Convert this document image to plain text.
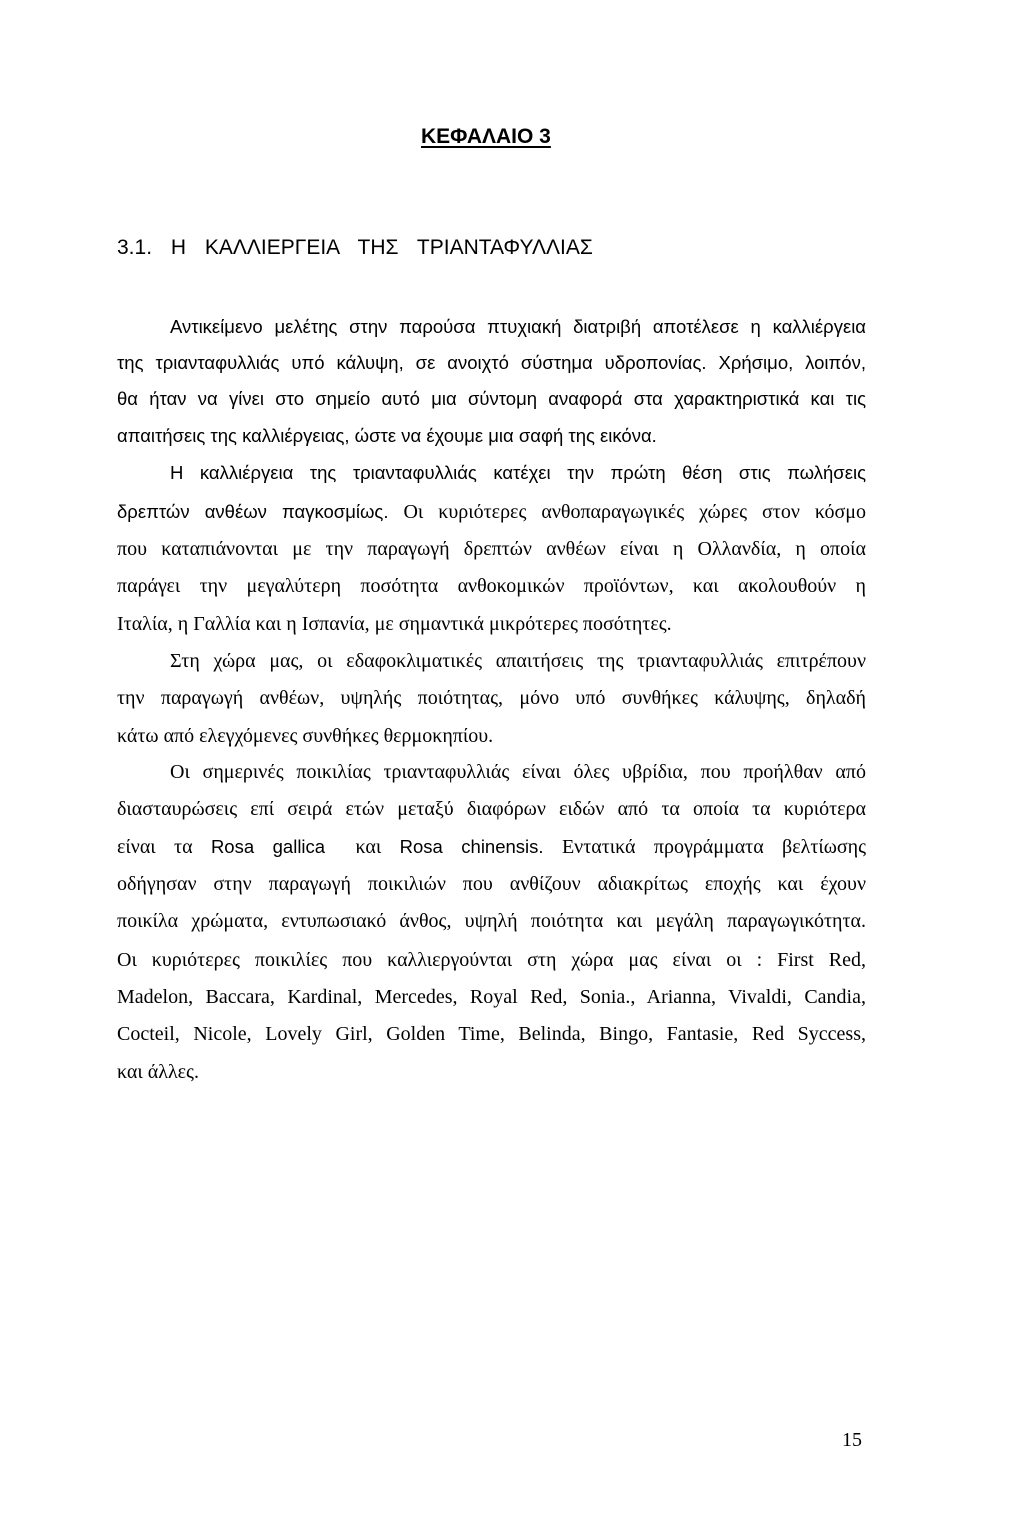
ΚΕΦΑΛΑΙΟ 3
3.1. Η ΚΑΛΛΙΕΡΓΕΙΑ ΤΗΣ ΤΡΙΑΝΤΑΦΥΛΛΙΑΣ
Αντικείμενο μελέτης στην παρούσα πτυχιακή διατριβή αποτέλεσε η καλλιέργεια
της τριανταφυλλιάς υπό κάλυψη, σε ανοιχτό σύστημα υδροπονίας. Χρήσιμο, λοιπόν,
θα ήταν να γίνει στο σημείο αυτό μια σύντομη αναφορά στα χαρακτηριστικά και τις
απαιτήσεις της καλλιέργειας, ώστε να έχουμε μια σαφή της εικόνα.
Η καλλιέργεια της τριανταφυλλιάς κατέχει την πρώτη θέση στις πωλήσεις
δρεπτών ανθέων παγκοσμίως. Οι κυριότερες ανθοπαραγωγικές χώρες στον κόσμο
που καταπιάνονται με την παραγωγή δρεπτών ανθέων είναι η Ολλανδία, η οποία
παράγει την μεγαλύτερη ποσότητα ανθοκομικών προϊόντων, και ακολουθούν η
Ιταλία, η Γαλλία και η Ισπανία, με σημαντικά μικρότερες ποσότητες.
Στη χώρα μας, οι εδαφοκλιματικές απαιτήσεις της τριανταφυλλιάς επιτρέπουν
την παραγωγή ανθέων, υψηλής ποιότητας, μόνο υπό συνθήκες κάλυψης, δηλαδή
κάτω από ελεγχόμενες συνθήκες θερμοκηπίου.
Οι σημερινές ποικιλίας τριανταφυλλιάς είναι όλες υβρίδια, που προήλθαν από
διασταυρώσεις επί σειρά ετών μεταξύ διαφόρων ειδών από τα οποία τα κυριότερα
είναι τα Rosa gallica και Rosa chinensis. Εντατικά προγράμματα βελτίωσης
οδήγησαν στην παραγωγή ποικιλιών που ανθίζουν αδιακρίτως εποχής και έχουν
ποικίλα χρώματα, εντυπωσιακό άνθος, υψηλή ποιότητα και μεγάλη παραγωγικότητα.
Οι κυριότερες ποικιλίες που καλλιεργούνται στη χώρα μας είναι οι : First Red,
Madelon, Baccara, Kardinal, Mercedes, Royal Red, Sonia., Arianna, Vivaldi, Candia,
Cocteil, Nicole, Lovely Girl, Golden Time, Belinda, Bingo, Fantasie, Red Syccess,
και άλλες.
15
